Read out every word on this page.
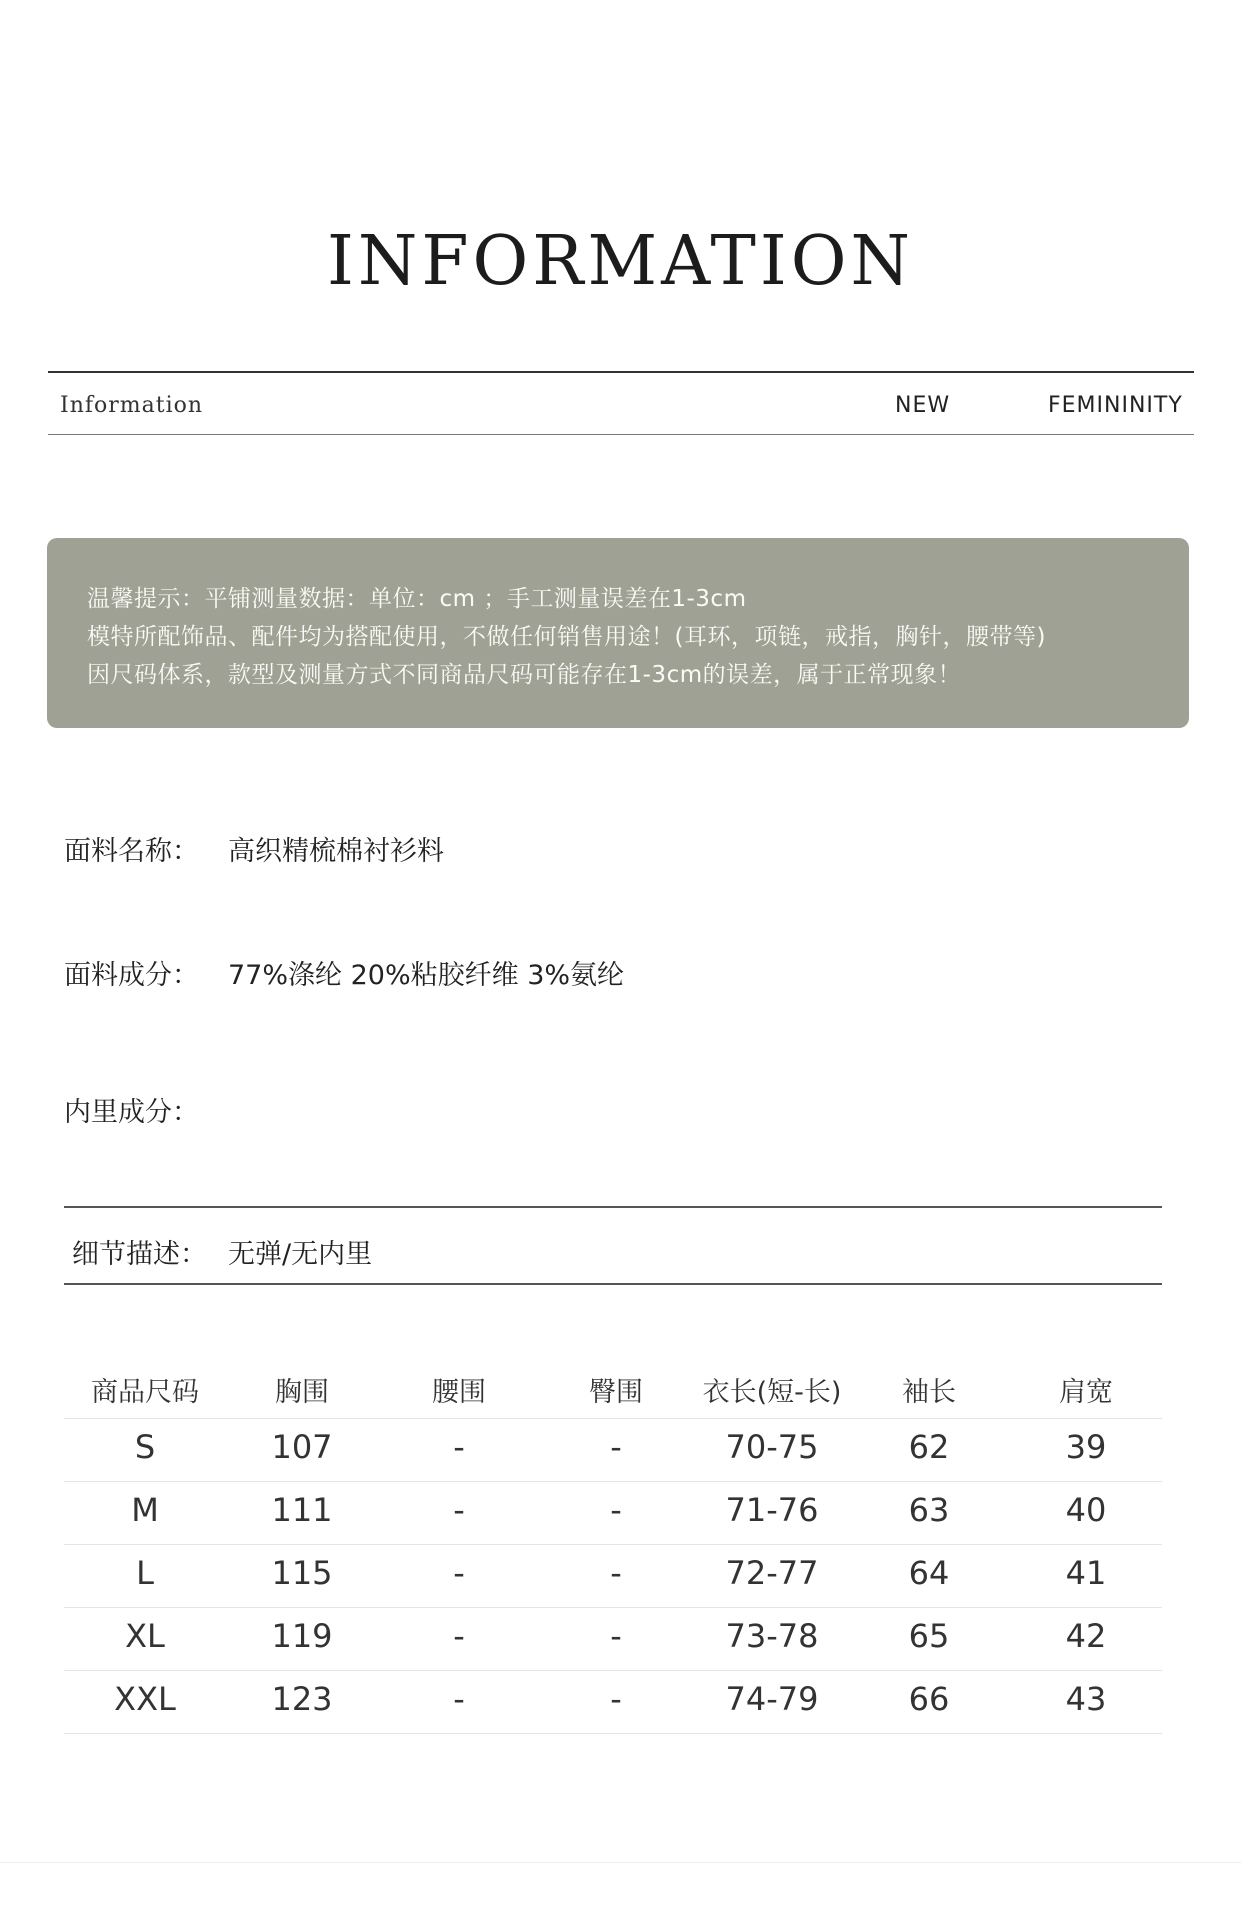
INFORMATION
Information	NEW	FEMININITY
温馨提示：平铺测量数据：单位：cm ；手工测量误差在1-3cm
模特所配饰品、配件均为搭配使用，不做任何销售用途！(耳环，项链，戒指，胸针，腰带等)
因尺码体系，款型及测量方式不同商品尺码可能存在1-3cm的误差，属于正常现象！
面料名称： 高织精梳棉衬衫料
面料成分： 77%涤纶 20%粘胶纤维 3%氨纶
内里成分：
细节描述： 无弹/无内里
商品尺码	胸围	腰围	臀围 衣长(短-长) 袖长	肩宽
S	107	-	-	70-75	62	39
M	111	-	-	71-76	63	40
L	115	-	-	72-77	64	41
XL	119	-	-	73-78	65	42
XXL	123	-	-	74-79	66	43
